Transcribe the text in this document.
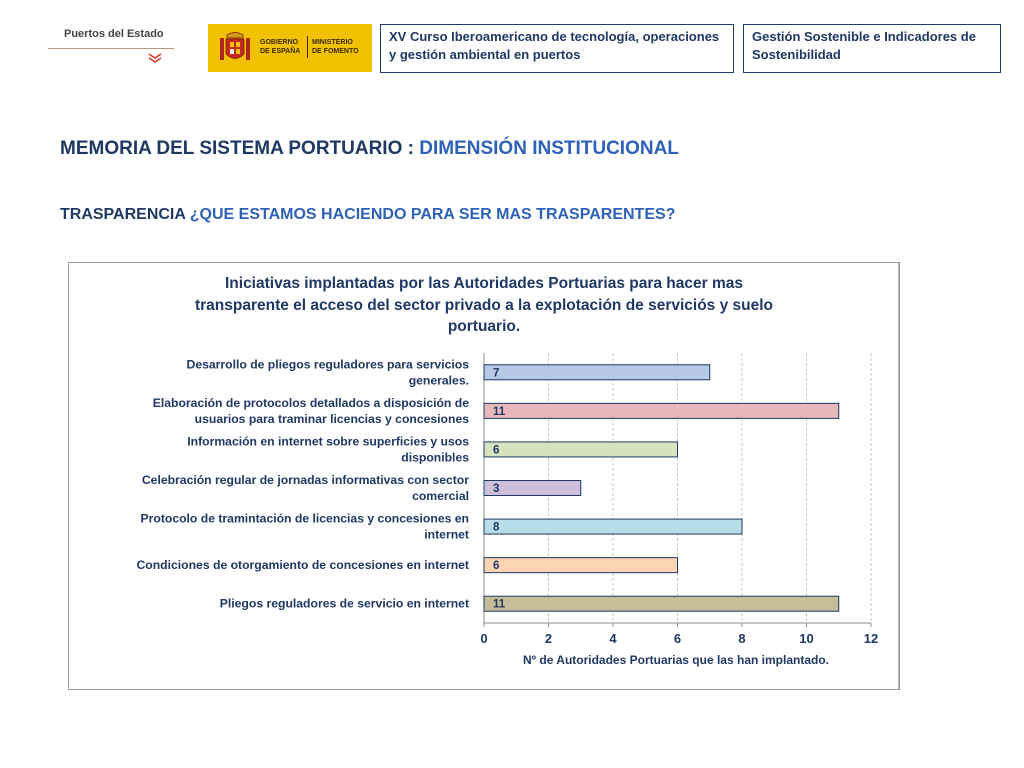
Puertos del Estado
GOBIERNO
DE ESPAÑA
MINISTERIO
DE FOMENTO
XV Curso Iberoamericano de tecnología, operaciones y gestión ambiental en puertos
Gestión Sostenible e Indicadores de Sostenibilidad
MEMORIA DEL SISTEMA PORTUARIO : DIMENSIÓN INSTITUCIONAL
TRASPARENCIA ¿QUE ESTAMOS HACIENDO PARA SER MAS TRASPARENTES?
Iniciativas implantadas por las Autoridades Portuarias para hacer mas
transparente el acceso del sector privado a la explotación de serviciós y suelo
portuario.
0	2	4	6	8	10	12
Nº de Autoridades Portuarias que las han implantado.
7
Desarrollo de pliegos reguladores para servicios
generales.
11
Elaboración de protocolos detallados a disposición de
usuarios para traminar licencias y concesiones
6
Información en internet sobre superficies y usos
disponibles
3
Celebración regular de jornadas informativas con sector
comercial
8
Protocolo de tramintación de licencias y concesiones en
internet
6
Condiciones de otorgamiento de concesiones en internet
11
Pliegos reguladores de servicio en internet
